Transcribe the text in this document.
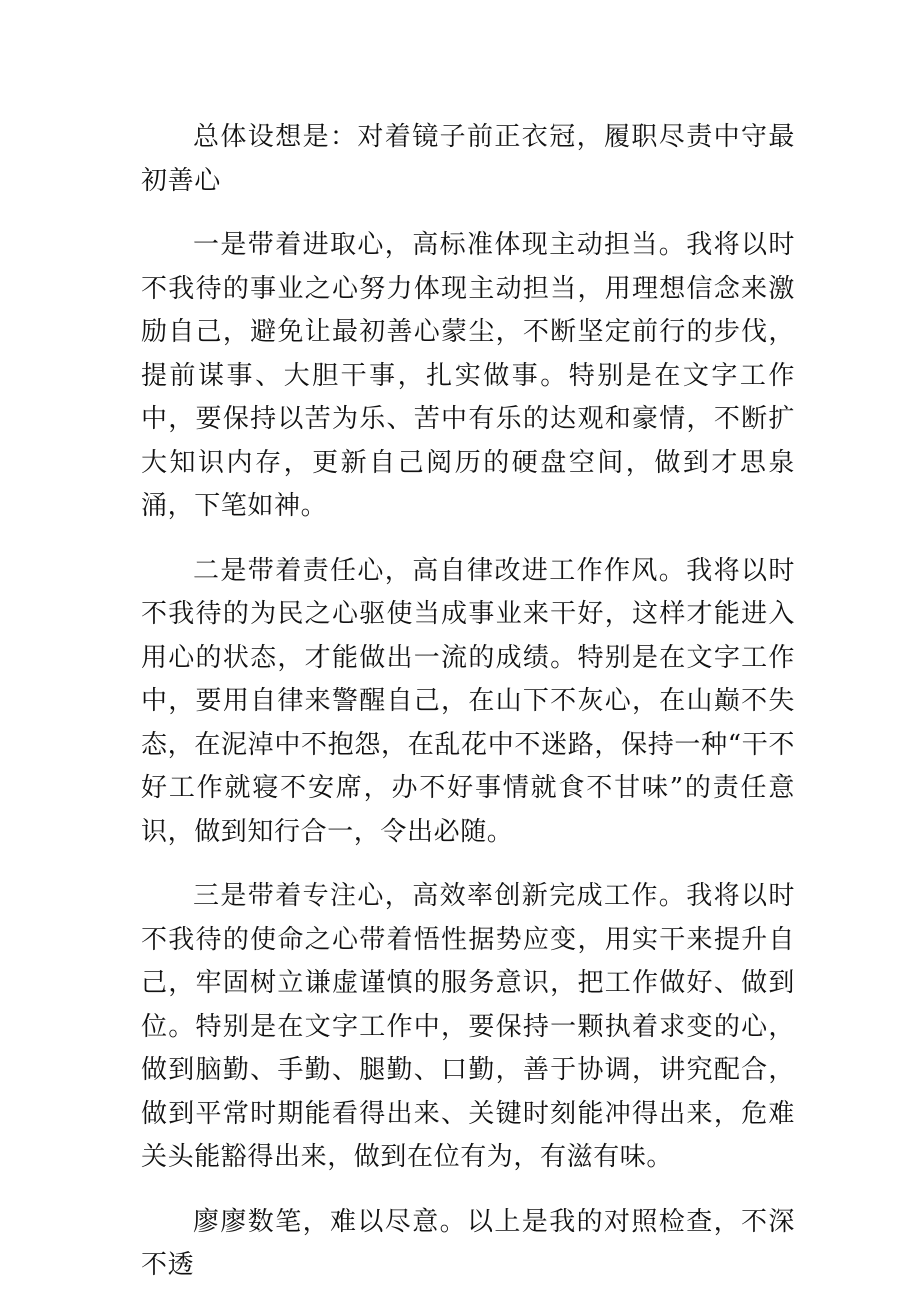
总体设想是：对着镜子前正衣冠，履职尽责中守最初善心

一是带着进取心，高标准体现主动担当。我将以时不我待的事业之心努力体现主动担当，用理想信念来激励自己，避免让最初善心蒙尘，不断坚定前行的步伐，提前谋事、大胆干事，扎实做事。特别是在文字工作中，要保持以苦为乐、苦中有乐的达观和豪情，不断扩大知识内存，更新自己阅历的硬盘空间，做到才思泉涌，下笔如神。

二是带着责任心，高自律改进工作作风。我将以时不我待的为民之心驱使当成事业来干好，这样才能进入用心的状态，才能做出一流的成绩。特别是在文字工作中，要用自律来警醒自己，在山下不灰心，在山巅不失态，在泥淖中不抱怨，在乱花中不迷路，保持一种“干不好工作就寝不安席，办不好事情就食不甘味”的责任意识，做到知行合一，令出必随。

三是带着专注心，高效率创新完成工作。我将以时不我待的使命之心带着悟性据势应变，用实干来提升自己，牢固树立谦虚谨慎的服务意识，把工作做好、做到位。特别是在文字工作中，要保持一颗执着求变的心，做到脑勤、手勤、腿勤、口勤，善于协调，讲究配合，做到平常时期能看得出来、关键时刻能冲得出来，危难关头能豁得出来，做到在位有为，有滋有味。

廖廖数笔，难以尽意。以上是我的对照检查，不深不透
